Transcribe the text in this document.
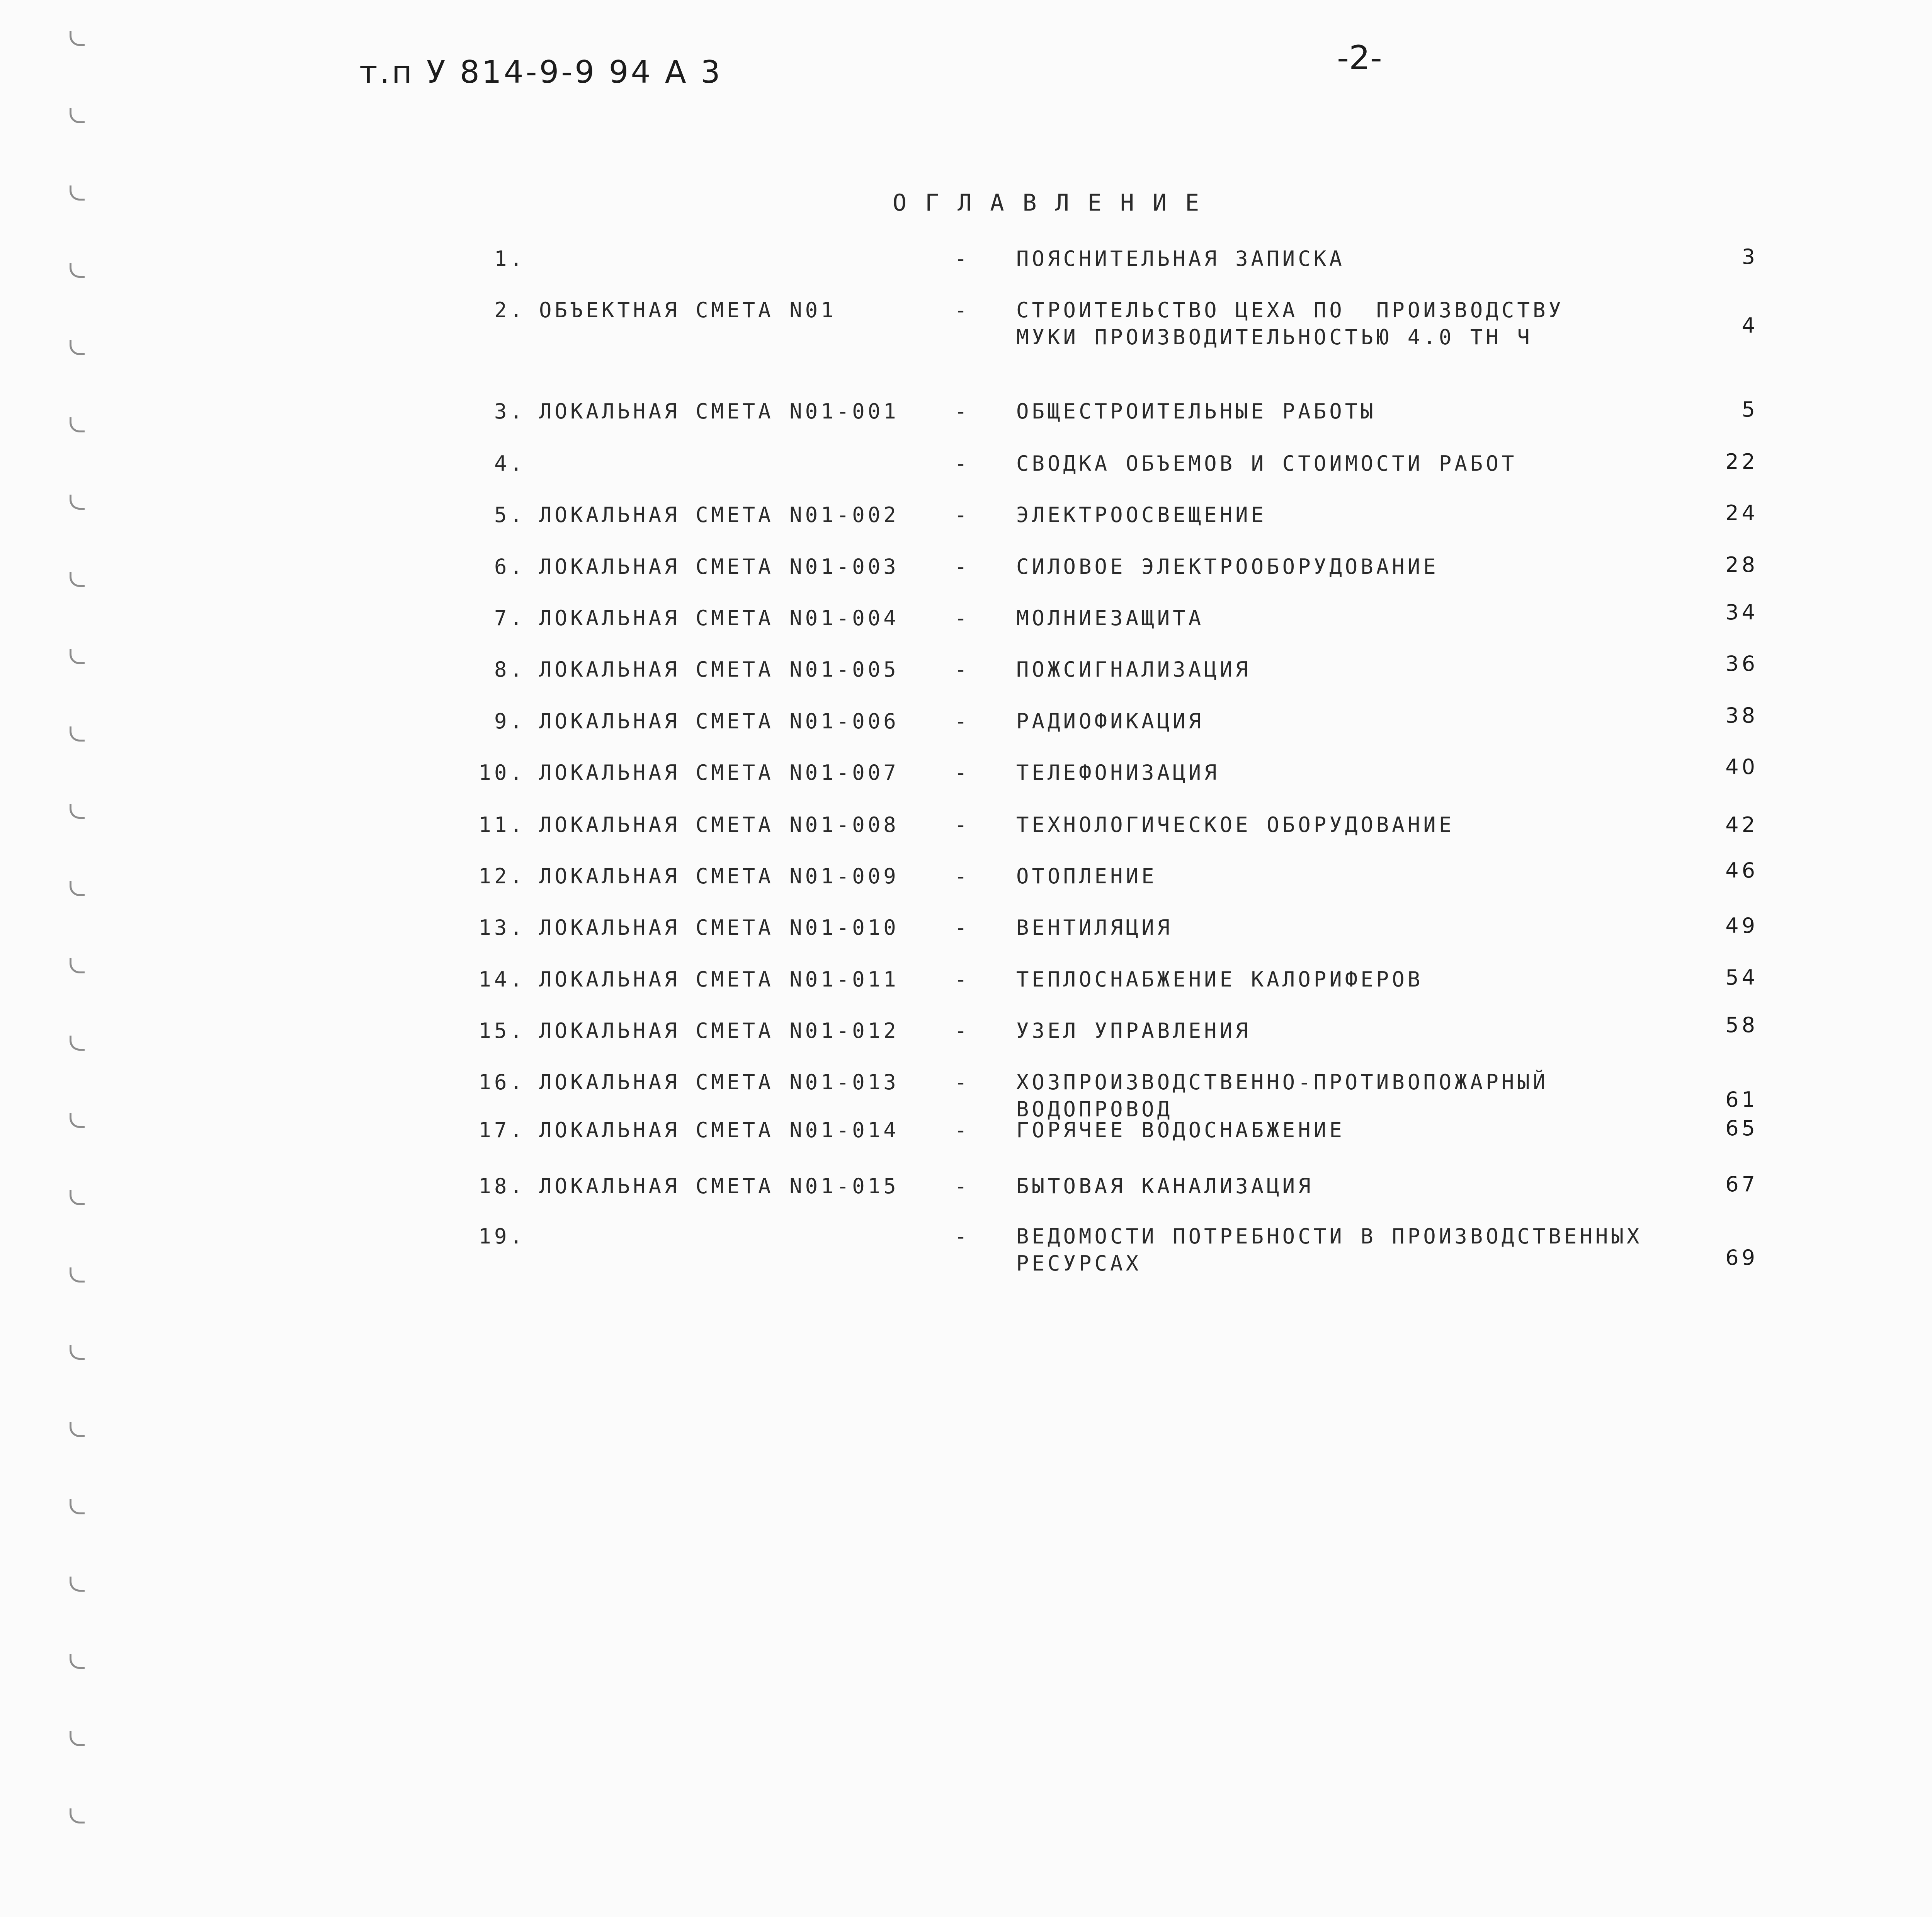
т.п У 814-9-9 94 А 3	-2-
ОГЛАВЛЕНИЕ
1.	- ПОЯСНИТЕЛЬНАЯ ЗАПИСКА	3
2. ОБЪЕКТНАЯ СМЕТА N01	- СТРОИТЕЛЬСТВО ЦЕХА ПО  ПРОИЗВОДСТВУ
МУКИ ПРОИЗВОДИТЕЛЬНОСТЬЮ 4.0 ТН Ч	4
3. ЛОКАЛЬНАЯ СМЕТА N01-001	- ОБЩЕСТРОИТЕЛЬНЫЕ РАБОТЫ	5
4.	- СВОДКА ОБЪЕМОВ И СТОИМОСТИ РАБОТ	22
5. ЛОКАЛЬНАЯ СМЕТА N01-002	- ЭЛЕКТРООСВЕЩЕНИЕ	24
6. ЛОКАЛЬНАЯ СМЕТА N01-003	- СИЛОВОЕ ЭЛЕКТРООБОРУДОВАНИЕ	28
7. ЛОКАЛЬНАЯ СМЕТА N01-004	- МОЛНИЕЗАЩИТА	34
8. ЛОКАЛЬНАЯ СМЕТА N01-005	- ПОЖСИГНАЛИЗАЦИЯ	36
9. ЛОКАЛЬНАЯ СМЕТА N01-006	- РАДИОФИКАЦИЯ	38
10. ЛОКАЛЬНАЯ СМЕТА N01-007	- ТЕЛЕФОНИЗАЦИЯ	40
11. ЛОКАЛЬНАЯ СМЕТА N01-008	- ТЕХНОЛОГИЧЕСКОЕ ОБОРУДОВАНИЕ	42
12. ЛОКАЛЬНАЯ СМЕТА N01-009	- ОТОПЛЕНИЕ	46
13. ЛОКАЛЬНАЯ СМЕТА N01-010	- ВЕНТИЛЯЦИЯ	49
14. ЛОКАЛЬНАЯ СМЕТА N01-011	- ТЕПЛОСНАБЖЕНИЕ КАЛОРИФЕРОВ	54
15. ЛОКАЛЬНАЯ СМЕТА N01-012	- УЗЕЛ УПРАВЛЕНИЯ	58
16. ЛОКАЛЬНАЯ СМЕТА N01-013	- ХОЗПРОИЗВОДСТВЕННО-ПРОТИВОПОЖАРНЫЙ
ВОДОПРОВОД	61
17. ЛОКАЛЬНАЯ СМЕТА N01-014	- ГОРЯЧЕЕ ВОДОСНАБЖЕНИЕ	65
18. ЛОКАЛЬНАЯ СМЕТА N01-015	- БЫТОВАЯ КАНАЛИЗАЦИЯ	67
19.	- ВЕДОМОСТИ ПОТРЕБНОСТИ В ПРОИЗВОДСТВЕННЫХ
РЕСУРСАХ	69
